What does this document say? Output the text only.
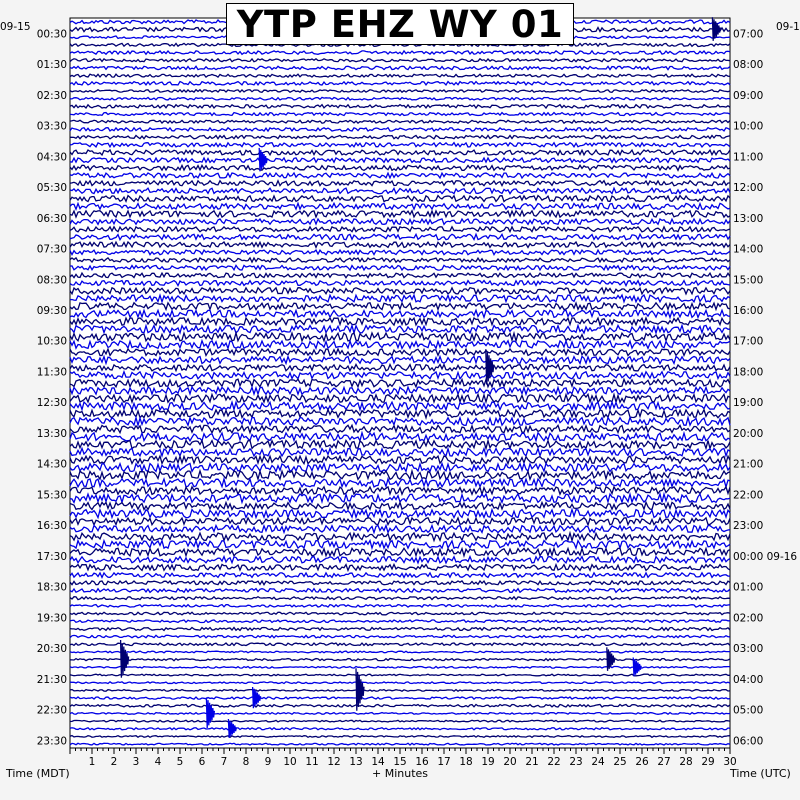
00:30
01:30
02:30
03:30
04:30
05:30
06:30
07:30
08:30
09:30
10:30
11:30
12:30
13:30
14:30
15:30
16:30
17:30
18:30
19:30
20:30
21:30
22:30
23:30
07:00
08:00
09:00
10:00
11:00
12:00
13:00
14:00
15:00
16:00
17:00
18:00
19:00
20:00
21:00
22:00
23:00
00:00 09-16
01:00
02:00
03:00
04:00
05:00
06:00
1 2 3 4 5 6 7 8 9 10 11 12 13 14 15 16 17 18 19 20 21 22 23 24 25 26 27 28 29 30
09-15	09-1
YTP EHZ WY 01
Time (MDT)	+ Minutes	Time (UTC)
